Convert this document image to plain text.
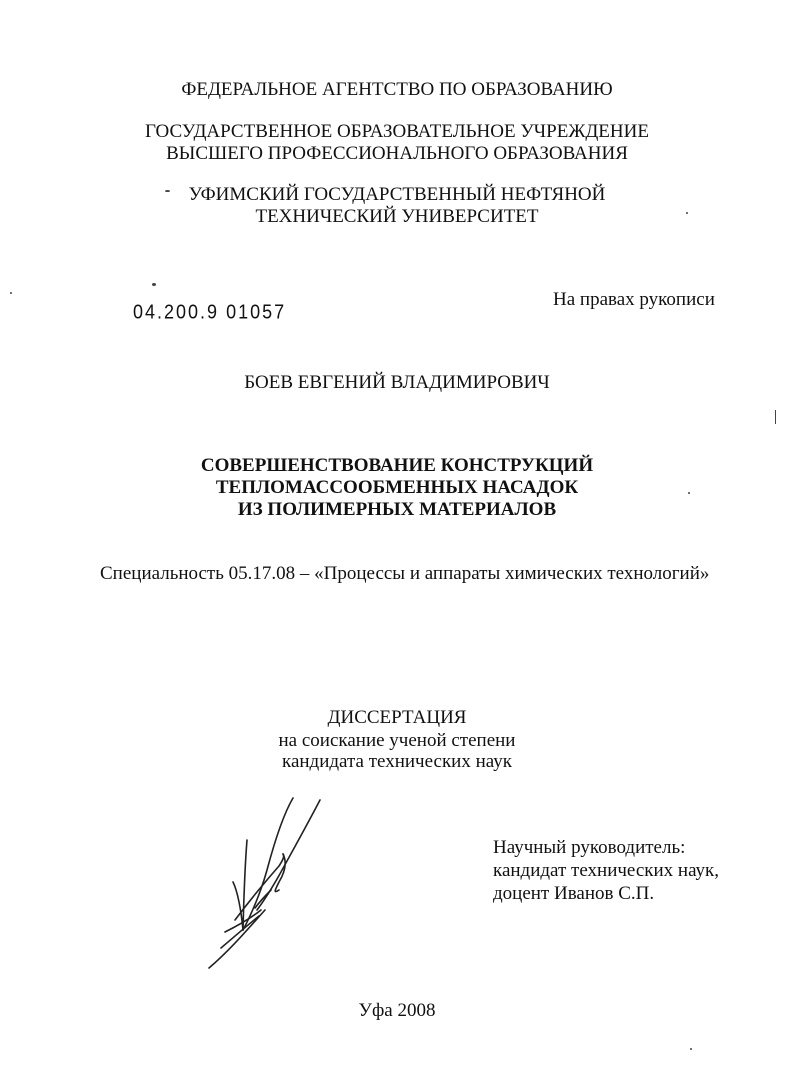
ФЕДЕРАЛЬНОЕ АГЕНТСТВО ПО ОБРАЗОВАНИЮ
ГОСУДАРСТВЕННОЕ ОБРАЗОВАТЕЛЬНОЕ УЧРЕЖДЕНИЕ
ВЫСШЕГО ПРОФЕССИОНАЛЬНОГО ОБРАЗОВАНИЯ
УФИМСКИЙ ГОСУДАРСТВЕННЫЙ НЕФТЯНОЙ
ТЕХНИЧЕСКИЙ УНИВЕРСИТЕТ
04.200.9 01057
На правах рукописи
БОЕВ ЕВГЕНИЙ ВЛАДИМИРОВИЧ
СОВЕРШЕНСТВОВАНИЕ КОНСТРУКЦИЙ
ТЕПЛОМАССООБМЕННЫХ НАСАДОК
ИЗ ПОЛИМЕРНЫХ МАТЕРИАЛОВ
Специальность 05.17.08 – «Процессы и аппараты химических технологий»
ДИССЕРТАЦИЯ
на соискание ученой степени
кандидата технических наук
Научный руководитель:
кандидат технических наук,
доцент Иванов С.П.
Уфа 2008
